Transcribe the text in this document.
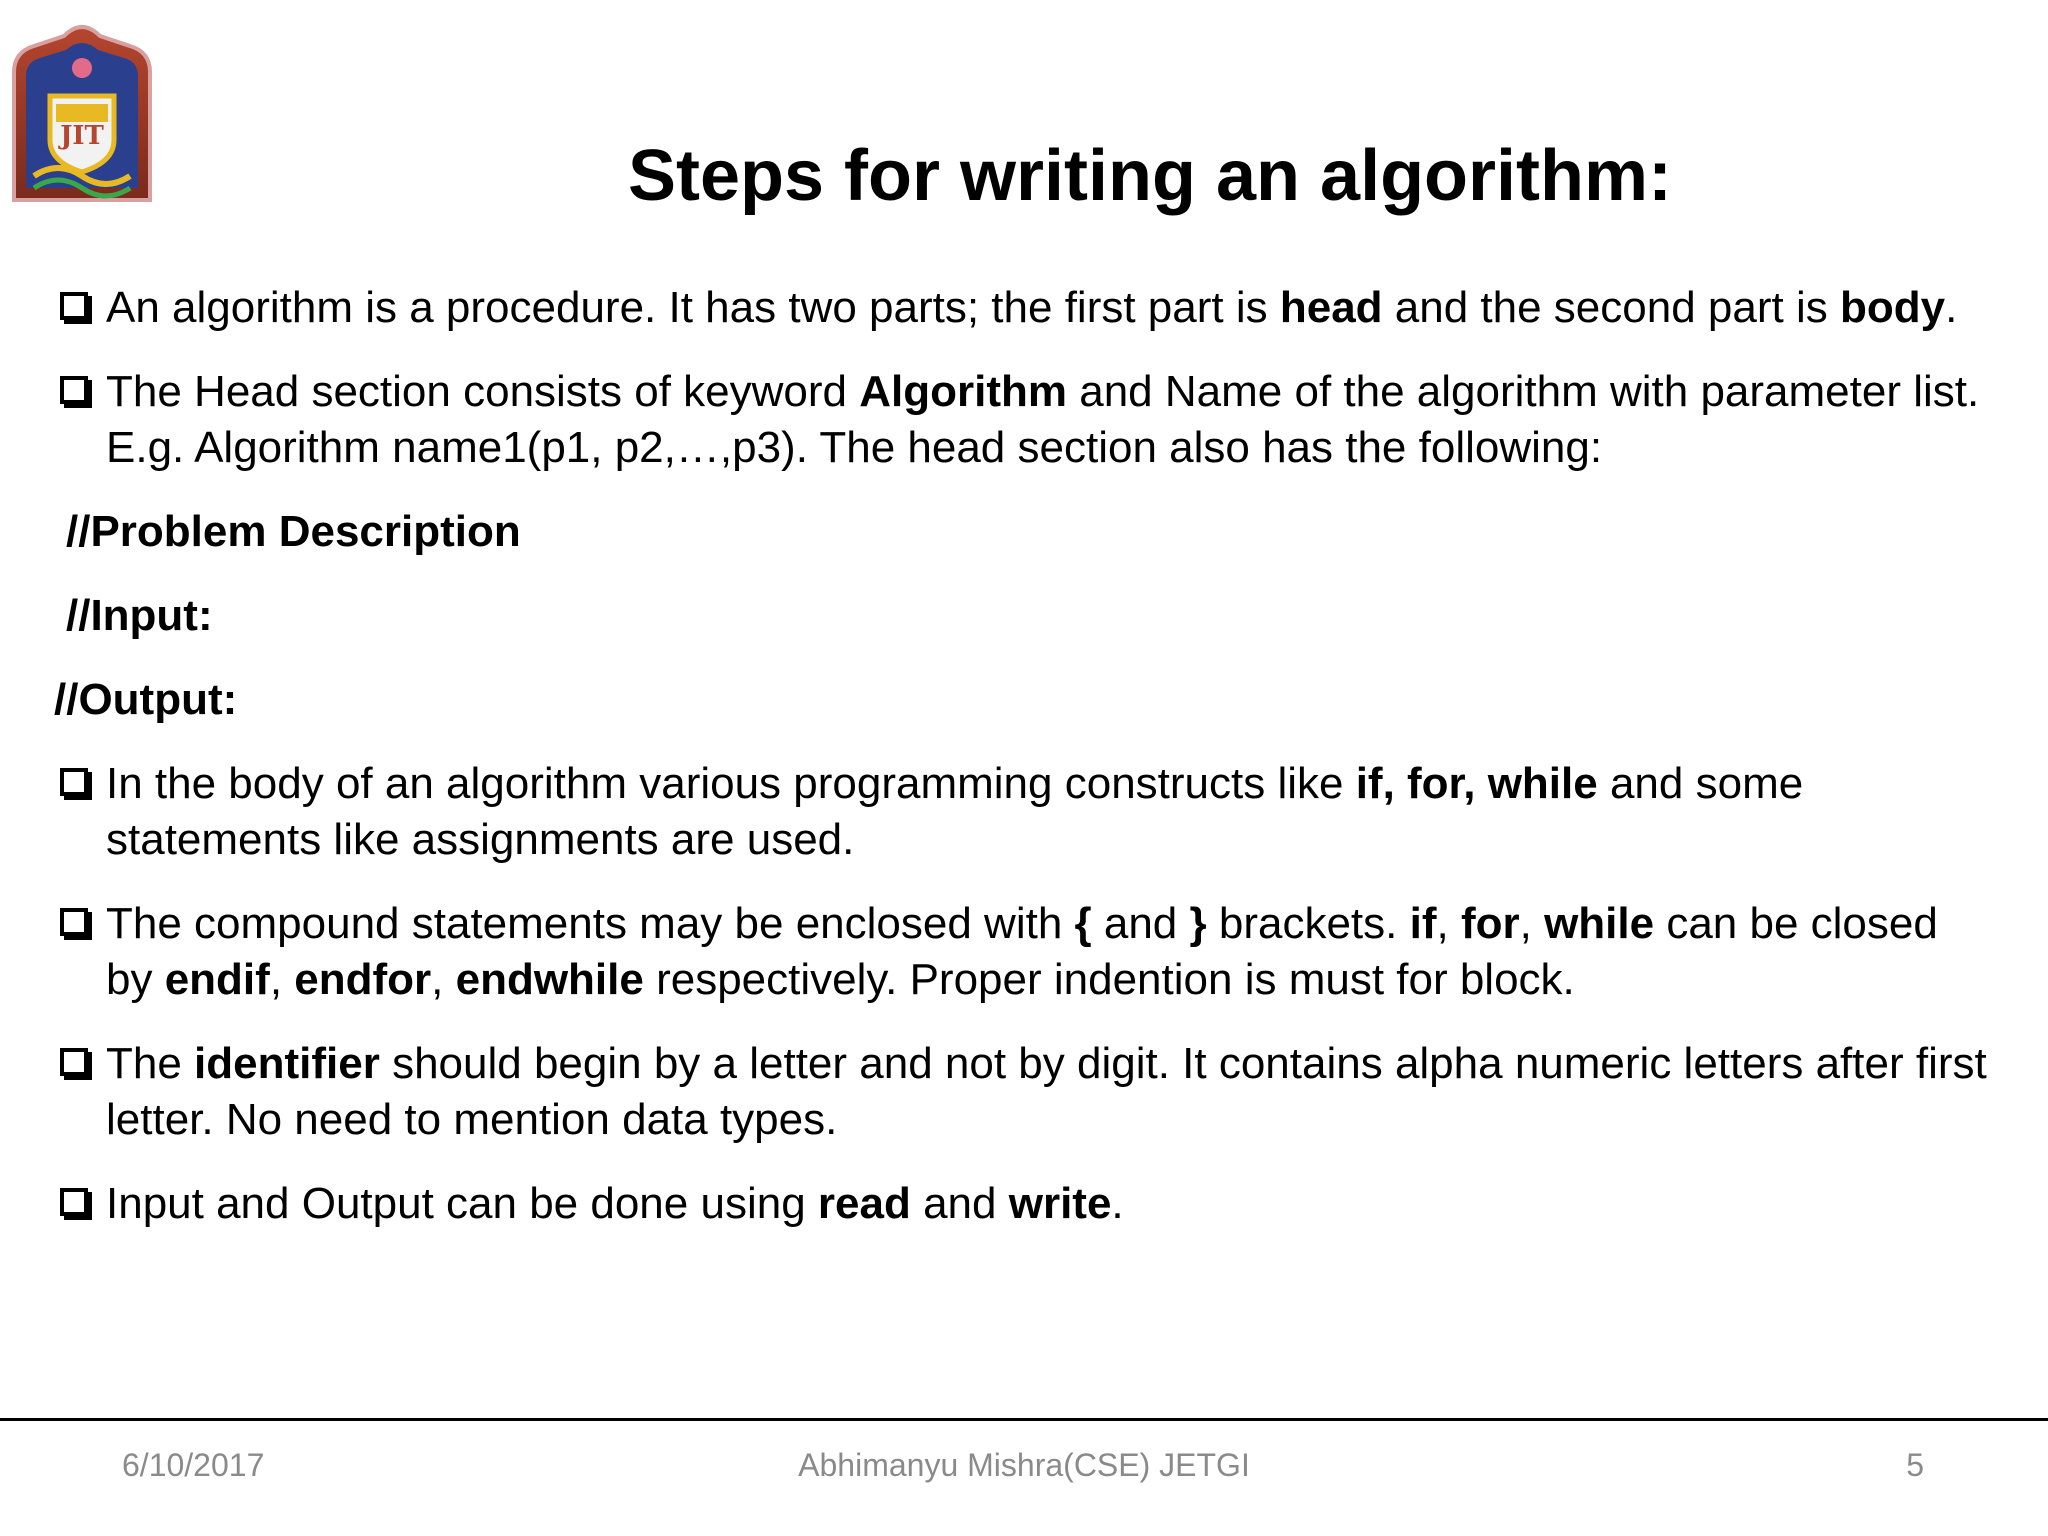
JIT	Steps for writing an algorithm:
An algorithm is a procedure. It has two parts; the first part is head and the second part is body.
The Head section consists of keyword Algorithm and Name of the algorithm with parameter list. E.g. Algorithm name1(p1, p2,…,p3). The head section also has the following:
//Problem Description
//Input:
//Output:
In the body of an algorithm various programming constructs like if, for, while and some statements like assignments are used.
The compound statements may be enclosed with { and } brackets. if, for, while can be closed by endif, endfor, endwhile respectively. Proper indention is must for block.
The identifier should begin by a letter and not by digit. It contains alpha numeric letters after first letter. No need to mention data types.
Input and Output can be done using read and write.
6/10/2017	Abhimanyu Mishra(CSE) JETGI	5
